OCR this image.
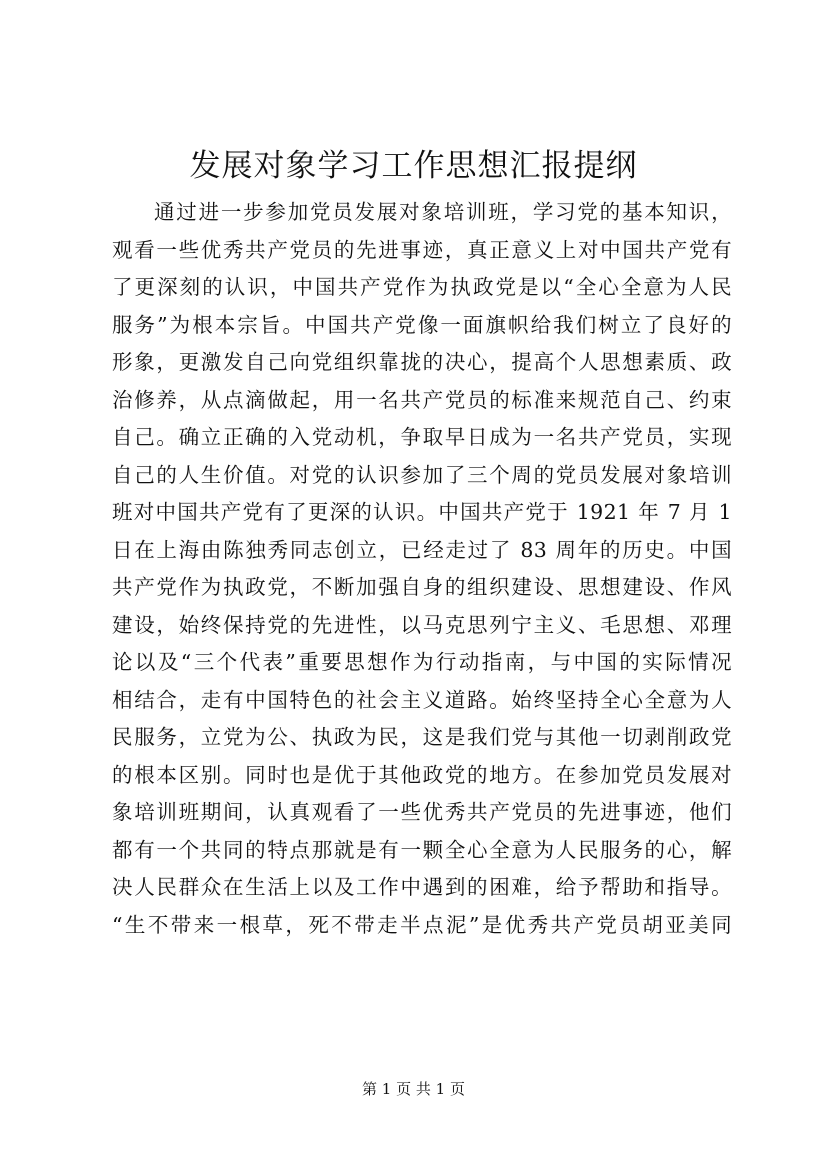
发展对象学习工作思想汇报提纲
通过进一步参加党员发展对象培训班，学习党的基本知识，
观看一些优秀共产党员的先进事迹，真正意义上对中国共产党有
了更深刻的认识，中国共产党作为执政党是以“全心全意为人民
服务”为根本宗旨。中国共产党像一面旗帜给我们树立了良好的
形象，更激发自己向党组织靠拢的决心，提高个人思想素质、政
治修养，从点滴做起，用一名共产党员的标准来规范自己、约束
自己。确立正确的入党动机，争取早日成为一名共产党员，实现
自己的人生价值。对党的认识参加了三个周的党员发展对象培训
班对中国共产党有了更深的认识。中国共产党于 1921 年 7 月 1
日在上海由陈独秀同志创立，已经走过了 83 周年的历史。中国
共产党作为执政党，不断加强自身的组织建设、思想建设、作风
建设，始终保持党的先进性，以马克思列宁主义、毛思想、邓理
论以及“三个代表”重要思想作为行动指南，与中国的实际情况
相结合，走有中国特色的社会主义道路。始终坚持全心全意为人
民服务，立党为公、执政为民，这是我们党与其他一切剥削政党
的根本区别。同时也是优于其他政党的地方。在参加党员发展对
象培训班期间，认真观看了一些优秀共产党员的先进事迹，他们
都有一个共同的特点那就是有一颗全心全意为人民服务的心，解
决人民群众在生活上以及工作中遇到的困难，给予帮助和指导。
“生不带来一根草，死不带走半点泥”是优秀共产党员胡亚美同
第 1 页 共 1 页
